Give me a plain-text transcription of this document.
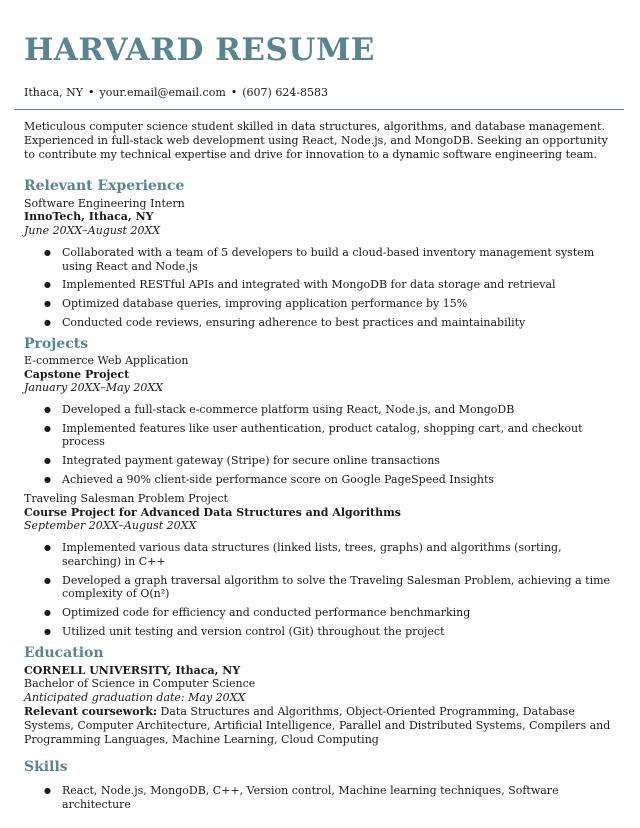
HARVARD RESUME
Ithaca, NY • your.email@email.com • (607) 624-8583
Meticulous computer science student skilled in data structures, algorithms, and database management. Experienced in full-stack web development using React, Node.js, and MongoDB. Seeking an opportunity to contribute my technical expertise and drive for innovation to a dynamic software engineering team.
Relevant Experience
Software Engineering Intern
InnoTech, Ithaca, NY
June 20XX–August 20XX
● Collaborated with a team of 5 developers to build a cloud-based inventory management system using React and Node.js
● Implemented RESTful APIs and integrated with MongoDB for data storage and retrieval
● Optimized database queries, improving application performance by 15%
● Conducted code reviews, ensuring adherence to best practices and maintainability
Projects
E-commerce Web Application
Capstone Project
January 20XX–May 20XX
● Developed a full-stack e-commerce platform using React, Node.js, and MongoDB
● Implemented features like user authentication, product catalog, shopping cart, and checkout process
● Integrated payment gateway (Stripe) for secure online transactions
● Achieved a 90% client-side performance score on Google PageSpeed Insights
Traveling Salesman Problem Project
Course Project for Advanced Data Structures and Algorithms
September 20XX–August 20XX
● Implemented various data structures (linked lists, trees, graphs) and algorithms (sorting, searching) in C++
● Developed a graph traversal algorithm to solve the Traveling Salesman Problem, achieving a time complexity of O(n²)
● Optimized code for efficiency and conducted performance benchmarking
● Utilized unit testing and version control (Git) throughout the project
Education
CORNELL UNIVERSITY, Ithaca, NY
Bachelor of Science in Computer Science
Anticipated graduation date: May 20XX
Relevant coursework: Data Structures and Algorithms, Object-Oriented Programming, Database Systems, Computer Architecture, Artificial Intelligence, Parallel and Distributed Systems, Compilers and Programming Languages, Machine Learning, Cloud Computing
Skills
● React, Node.js, MongoDB, C++, Version control, Machine learning techniques, Software architecture
